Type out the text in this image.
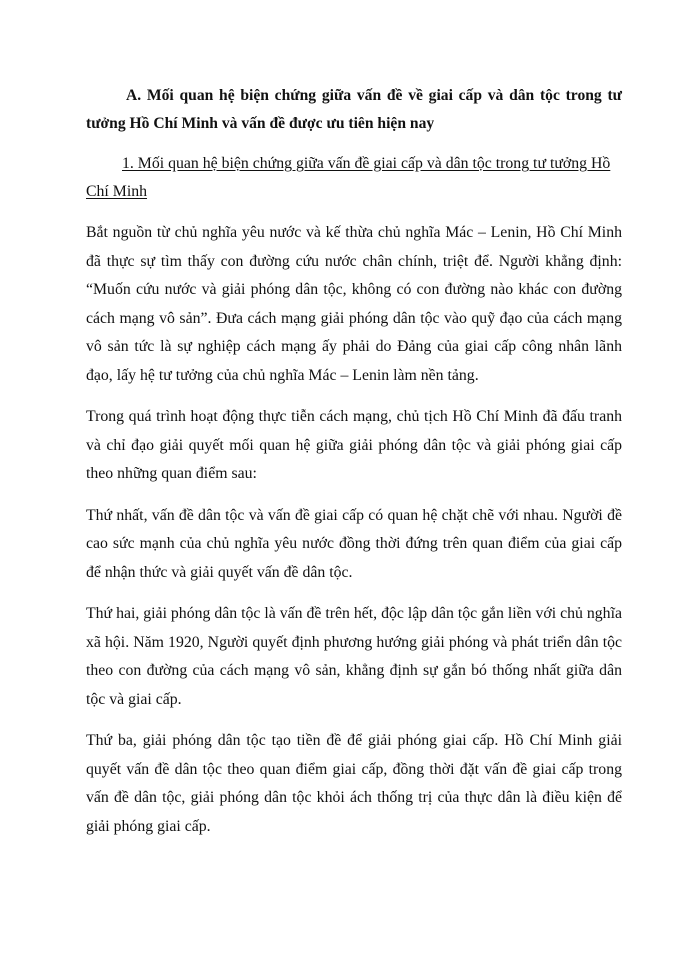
A. Mối quan hệ biện chứng giữa vấn đề về giai cấp và dân tộc trong tư tưởng Hồ Chí Minh và vấn đề được ưu tiên hiện nay

1. Mối quan hệ biện chứng giữa vấn đề giai cấp và dân tộc trong tư tưởng Hồ Chí Minh

Bắt nguồn từ chủ nghĩa yêu nước và kế thừa chủ nghĩa Mác – Lenin, Hồ Chí Minh đã thực sự tìm thấy con đường cứu nước chân chính, triệt để. Người khẳng định: “Muốn cứu nước và giải phóng dân tộc, không có con đường nào khác con đường cách mạng vô sản”. Đưa cách mạng giải phóng dân tộc vào quỹ đạo của cách mạng vô sản tức là sự nghiệp cách mạng ấy phải do Đảng của giai cấp công nhân lãnh đạo, lấy hệ tư tưởng của chủ nghĩa Mác – Lenin làm nền tảng.

Trong quá trình hoạt động thực tiễn cách mạng, chủ tịch Hồ Chí Minh đã đấu tranh và chỉ đạo giải quyết mối quan hệ giữa giải phóng dân tộc và giải phóng giai cấp theo những quan điểm sau:

Thứ nhất, vấn đề dân tộc và vấn đề giai cấp có quan hệ chặt chẽ với nhau. Người đề cao sức mạnh của chủ nghĩa yêu nước đồng thời đứng trên quan điểm của giai cấp để nhận thức và giải quyết vấn đề dân tộc.

Thứ hai, giải phóng dân tộc là vấn đề trên hết, độc lập dân tộc gắn liền với chủ nghĩa xã hội. Năm 1920, Người quyết định phương hướng giải phóng và phát triển dân tộc theo con đường của cách mạng vô sản, khẳng định sự gắn bó thống nhất giữa dân tộc và giai cấp.

Thứ ba, giải phóng dân tộc tạo tiền đề để giải phóng giai cấp. Hồ Chí Minh giải quyết vấn đề dân tộc theo quan điểm giai cấp, đồng thời đặt vấn đề giai cấp trong vấn đề dân tộc, giải phóng dân tộc khỏi ách thống trị của thực dân là điều kiện để giải phóng giai cấp.
